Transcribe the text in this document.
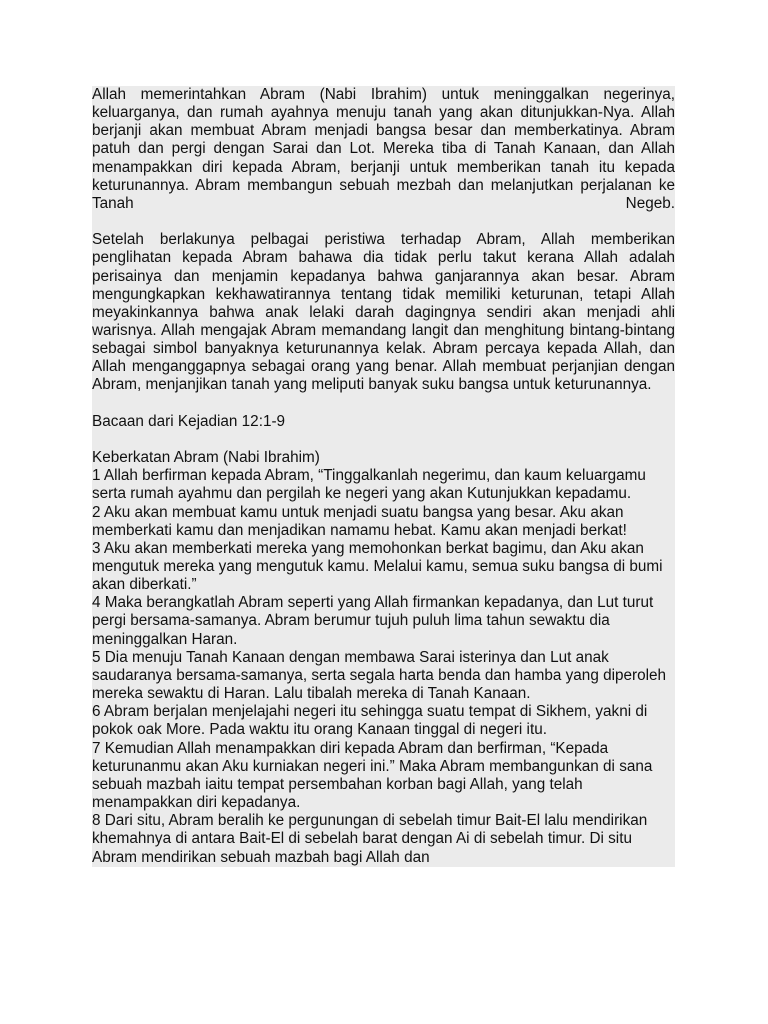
Allah memerintahkan Abram (Nabi Ibrahim) untuk meninggalkan negerinya, keluarganya, dan rumah ayahnya menuju tanah yang akan ditunjukkan-Nya. Allah berjanji akan membuat Abram menjadi bangsa besar dan memberkatinya. Abram patuh dan pergi dengan Sarai dan Lot. Mereka tiba di Tanah Kanaan, dan Allah menampakkan diri kepada Abram, berjanji untuk memberikan tanah itu kepada keturunannya. Abram membangun sebuah mezbah dan melanjutkan perjalanan ke Tanah Negeb.

Setelah berlakunya pelbagai peristiwa terhadap Abram, Allah memberikan penglihatan kepada Abram bahawa dia tidak perlu takut kerana Allah adalah perisainya dan menjamin kepadanya bahwa ganjarannya akan besar. Abram mengungkapkan kekhawatirannya tentang tidak memiliki keturunan, tetapi Allah meyakinkannya bahwa anak lelaki darah dagingnya sendiri akan menjadi ahli warisnya. Allah mengajak Abram memandang langit dan menghitung bintang-bintang sebagai simbol banyaknya keturunannya kelak. Abram percaya kepada Allah, dan Allah menganggapnya sebagai orang yang benar. Allah membuat perjanjian dengan Abram, menjanjikan tanah yang meliputi banyak suku bangsa untuk keturunannya.

Bacaan dari Kejadian 12:1-9

Keberkatan Abram (Nabi Ibrahim)

1 Allah berfirman kepada Abram, “Tinggalkanlah negerimu, dan kaum keluargamu serta rumah ayahmu dan pergilah ke negeri yang akan Kutunjukkan kepadamu.

2 Aku akan membuat kamu untuk menjadi suatu bangsa yang besar. Aku akan memberkati kamu dan menjadikan namamu hebat. Kamu akan menjadi berkat!

3 Aku akan memberkati mereka yang memohonkan berkat bagimu, dan Aku akan mengutuk mereka yang mengutuk kamu. Melalui kamu, semua suku bangsa di bumi akan diberkati.”

4 Maka berangkatlah Abram seperti yang Allah firmankan kepadanya, dan Lut turut pergi bersama-samanya. Abram berumur tujuh puluh lima tahun sewaktu dia meninggalkan Haran.

5 Dia menuju Tanah Kanaan dengan membawa Sarai isterinya dan Lut anak saudaranya bersama-samanya, serta segala harta benda dan hamba yang diperoleh mereka sewaktu di Haran. Lalu tibalah mereka di Tanah Kanaan.

6 Abram berjalan menjelajahi negeri itu sehingga suatu tempat di Sikhem, yakni di pokok oak More. Pada waktu itu orang Kanaan tinggal di negeri itu.

7 Kemudian Allah menampakkan diri kepada Abram dan berfirman, “Kepada keturunanmu akan Aku kurniakan negeri ini.” Maka Abram membangunkan di sana sebuah mazbah iaitu tempat persembahan korban bagi Allah, yang telah menampakkan diri kepadanya.

8 Dari situ, Abram beralih ke pergunungan di sebelah timur Bait-El lalu mendirikan khemahnya di antara Bait-El di sebelah barat dengan Ai di sebelah timur. Di situ Abram mendirikan sebuah mazbah bagi Allah dan
